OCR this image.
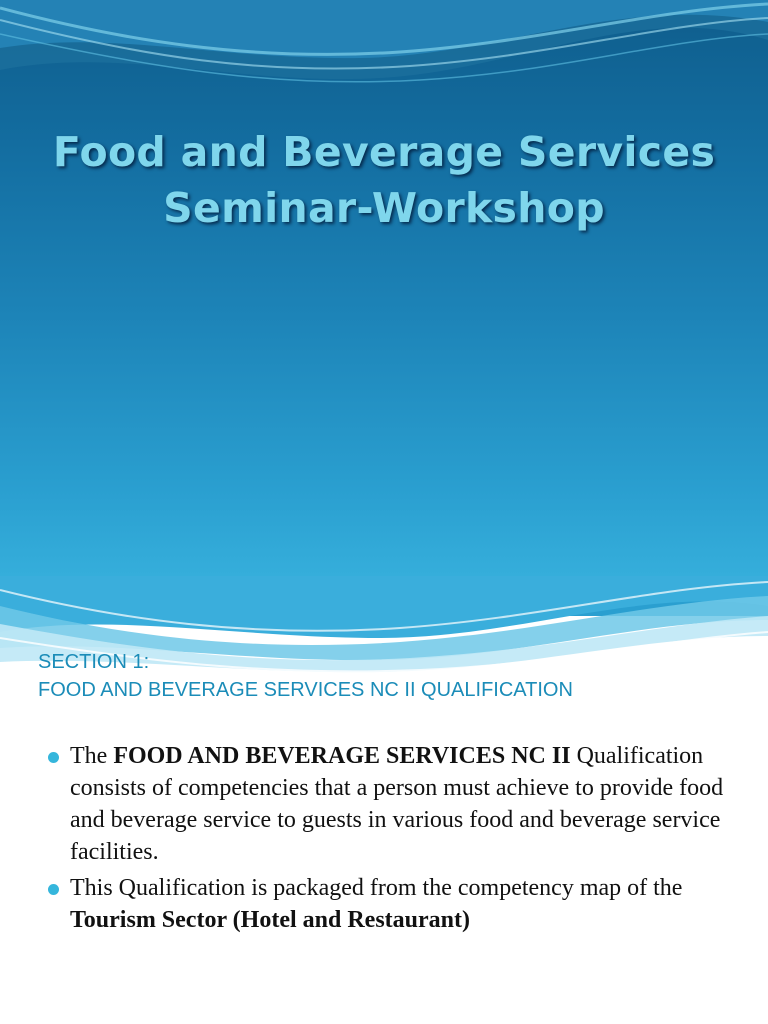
Food and Beverage Services
Seminar-Workshop
SECTION 1:
FOOD AND BEVERAGE SERVICES NC II QUALIFICATION
The FOOD AND BEVERAGE SERVICES NC II Qualification consists of competencies that a person must achieve to provide food and beverage service to guests in various food and beverage service facilities.
This Qualification is packaged from the competency map of the Tourism Sector (Hotel and Restaurant)
